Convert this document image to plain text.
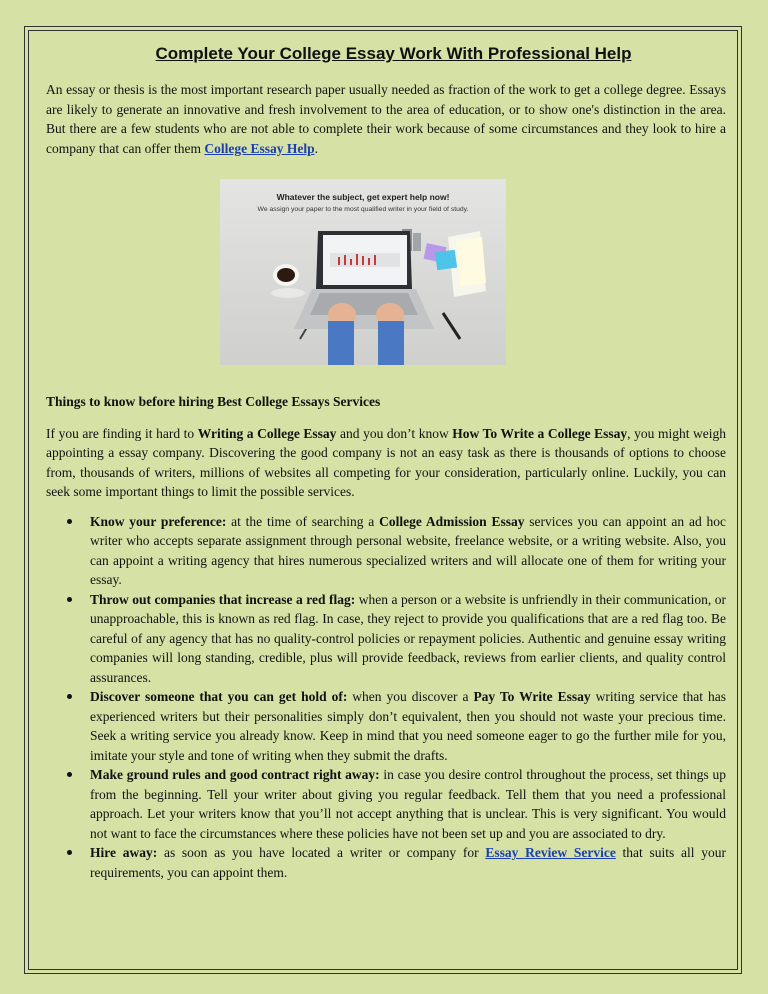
Complete Your College Essay Work With Professional Help

An essay or thesis is the most important research paper usually needed as fraction of the work to get a college degree. Essays are likely to generate an innovative and fresh involvement to the area of education, or to show one's distinction in the area. But there are a few students who are not able to complete their work because of some circumstances and they look to hire a company that can offer them College Essay Help.

Whatever the subject, get expert help now!
We assign your paper to the most qualified writer in your field of study.

Things to know before hiring Best College Essays Services

If you are finding it hard to Writing a College Essay and you don’t know How To Write a College Essay, you might weigh appointing a essay company. Discovering the good company is not an easy task as there is thousands of options to choose from, thousands of writers, millions of websites all competing for your consideration, particularly online. Luckily, you can seek some important things to limit the possible services.

Know your preference: at the time of searching a College Admission Essay services you can appoint an ad hoc writer who accepts separate assignment through personal website, freelance website, or a writing website. Also, you can appoint a writing agency that hires numerous specialized writers and will allocate one of them for writing your essay.
Throw out companies that increase a red flag: when a person or a website is unfriendly in their communication, or unapproachable, this is known as red flag. In case, they reject to provide you qualifications that are a red flag too. Be careful of any agency that has no quality-control policies or repayment policies. Authentic and genuine essay writing companies will long standing, credible, plus will provide feedback, reviews from earlier clients, and quality control assurances.
Discover someone that you can get hold of: when you discover a Pay To Write Essay writing service that has experienced writers but their personalities simply don’t equivalent, then you should not waste your precious time. Seek a writing service you already know. Keep in mind that you need someone eager to go the further mile for you, imitate your style and tone of writing when they submit the drafts.
Make ground rules and good contract right away: in case you desire control throughout the process, set things up from the beginning. Tell your writer about giving you regular feedback. Tell them that you need a professional approach. Let your writers know that you’ll not accept anything that is unclear. This is very significant. You would not want to face the circumstances where these policies have not been set up and you are associated to dry.
Hire away: as soon as you have located a writer or company for Essay Review Service that suits all your requirements, you can appoint them.
